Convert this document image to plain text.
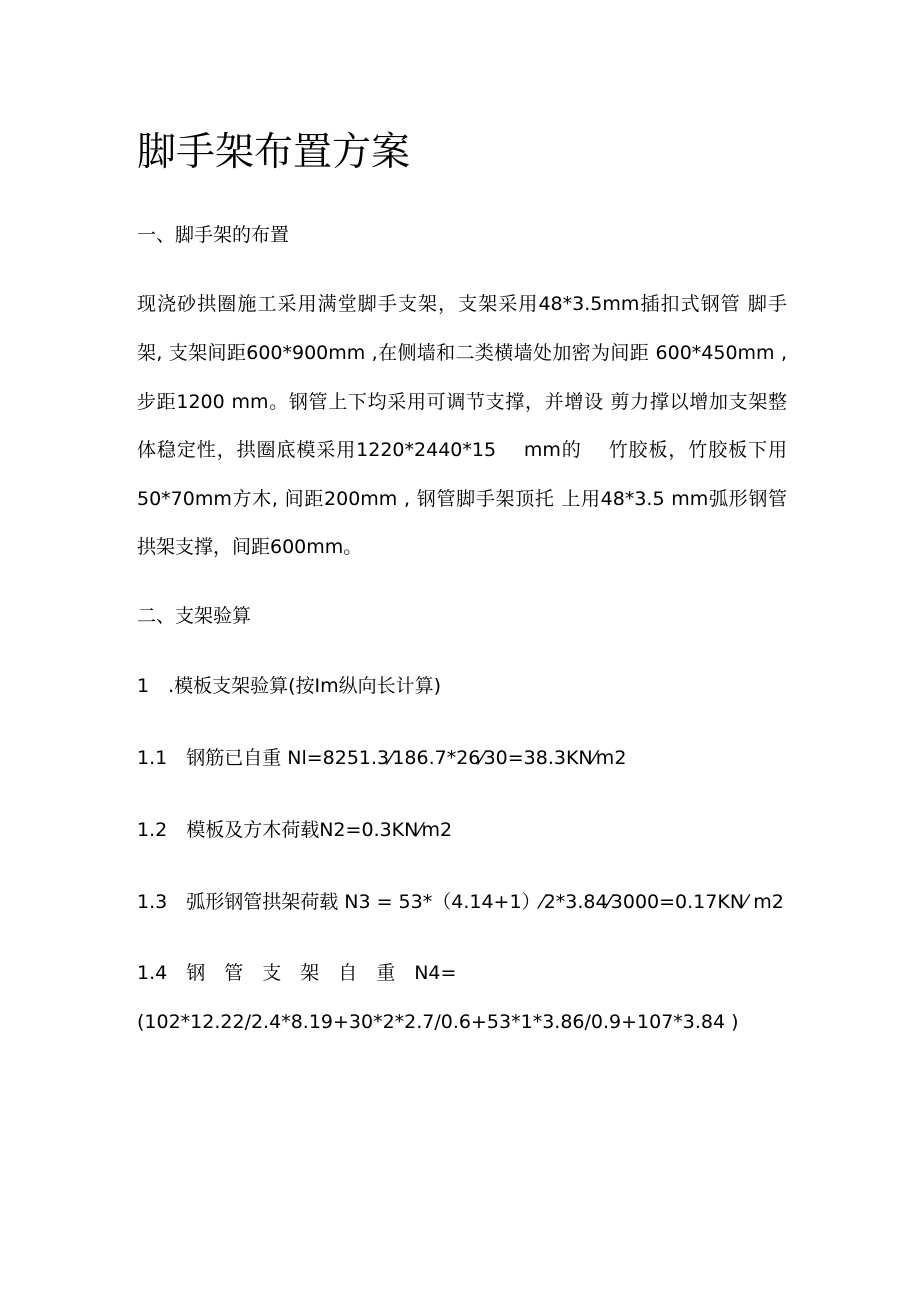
脚手架布置方案
一、脚手架的布置
现浇砂拱圈施工采用满堂脚手支架，支架采用48*3.5mm插扣式钢管 脚手
架, 支架间距600*900mm ,在侧墙和二类横墙处加密为间距 600*450mm ,
步距1200 mm。钢管上下均采用可调节支撑，并增设 剪力撑以增加支架整
体稳定性，拱圈底模采用1220*2440*15　 mm的　 竹胶板，竹胶板下用
50*70mm方木, 间距200mm , 钢管脚手架顶托 上用48*3.5 mm弧形钢管
拱架支撑，间距600mm。
二、支架验算
1　.模板支架验算(按Im纵向长计算)
1.1　钢筋已自重 Nl=8251.3⁄186.7*26⁄30=38.3KN⁄m2
1.2　模板及方木荷载N2=0.3KN⁄m2
1.3　弧形钢管拱架荷载 N3 = 53*（4.14+1）⁄2*3.84⁄3000=0.17KN⁄ m2
1.4　钢　管　支　架　自　重　N4=
(102*12.22/2.4*8.19+30*2*2.7/0.6+53*1*3.86/0.9+107*3.84 )
